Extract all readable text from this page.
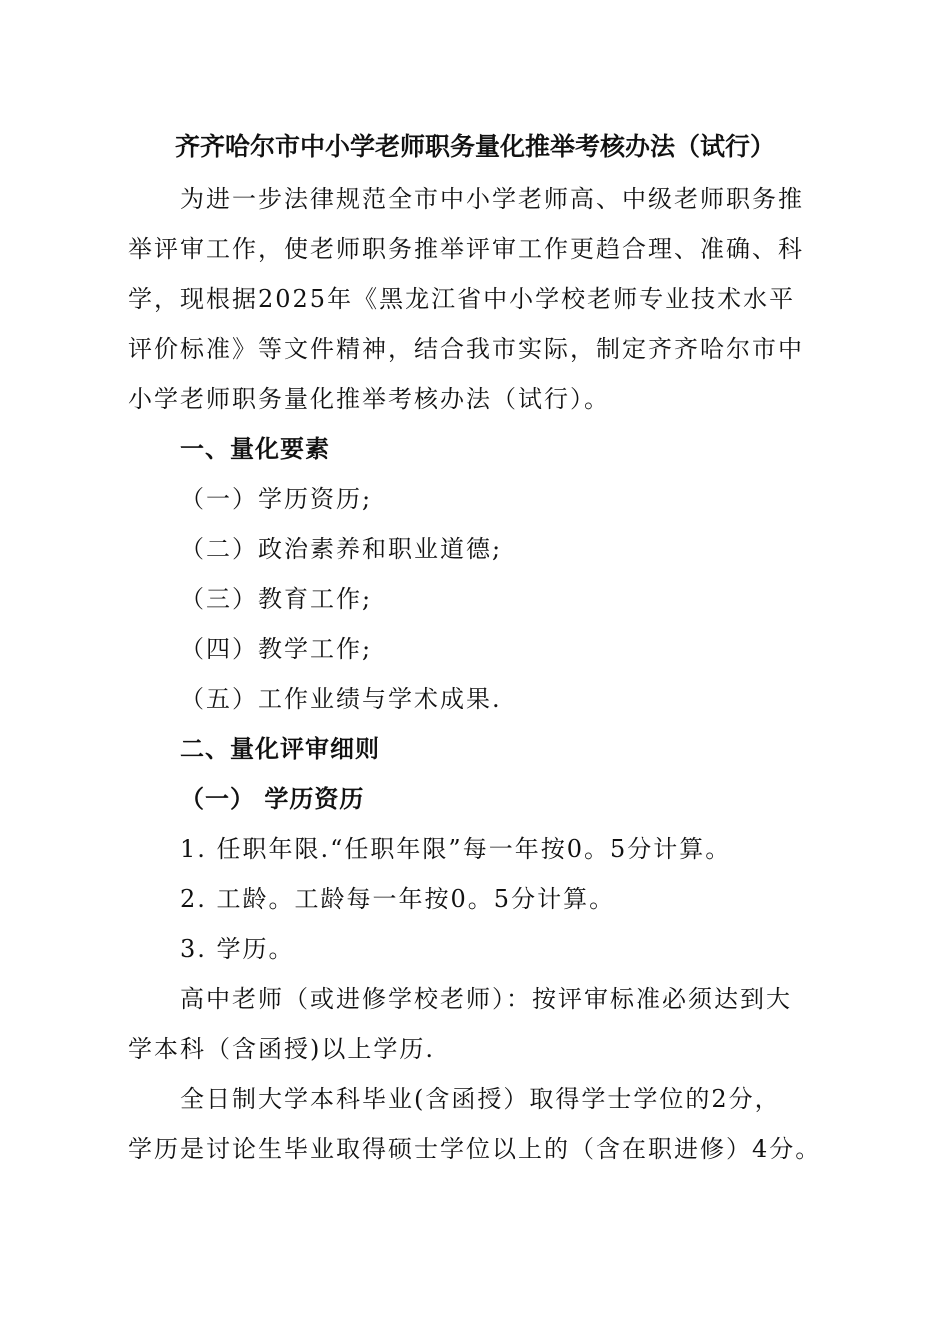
齐齐哈尔市中小学老师职务量化推举考核办法（试行）
为进一步法律规范全市中小学老师高、中级老师职务推
举评审工作，使老师职务推举评审工作更趋合理、准确、科
学，现根据2025年《黑龙江省中小学校老师专业技术水平
评价标准》等文件精神，结合我市实际，制定齐齐哈尔市中
小学老师职务量化推举考核办法（试行）。
一、量化要素
（一）学历资历;
（二）政治素养和职业道德;
（三）教育工作;
（四）教学工作;
（五）工作业绩与学术成果.
二、量化评审细则
（一） 学历资历
1. 任职年限.“任职年限”每一年按0。5分计算。
2. 工龄。工龄每一年按0。5分计算。
3. 学历。
高中老师（或进修学校老师）：按评审标准必须达到大
学本科（含函授)以上学历.
全日制大学本科毕业(含函授）取得学士学位的2分，
学历是讨论生毕业取得硕士学位以上的（含在职进修）4分。
